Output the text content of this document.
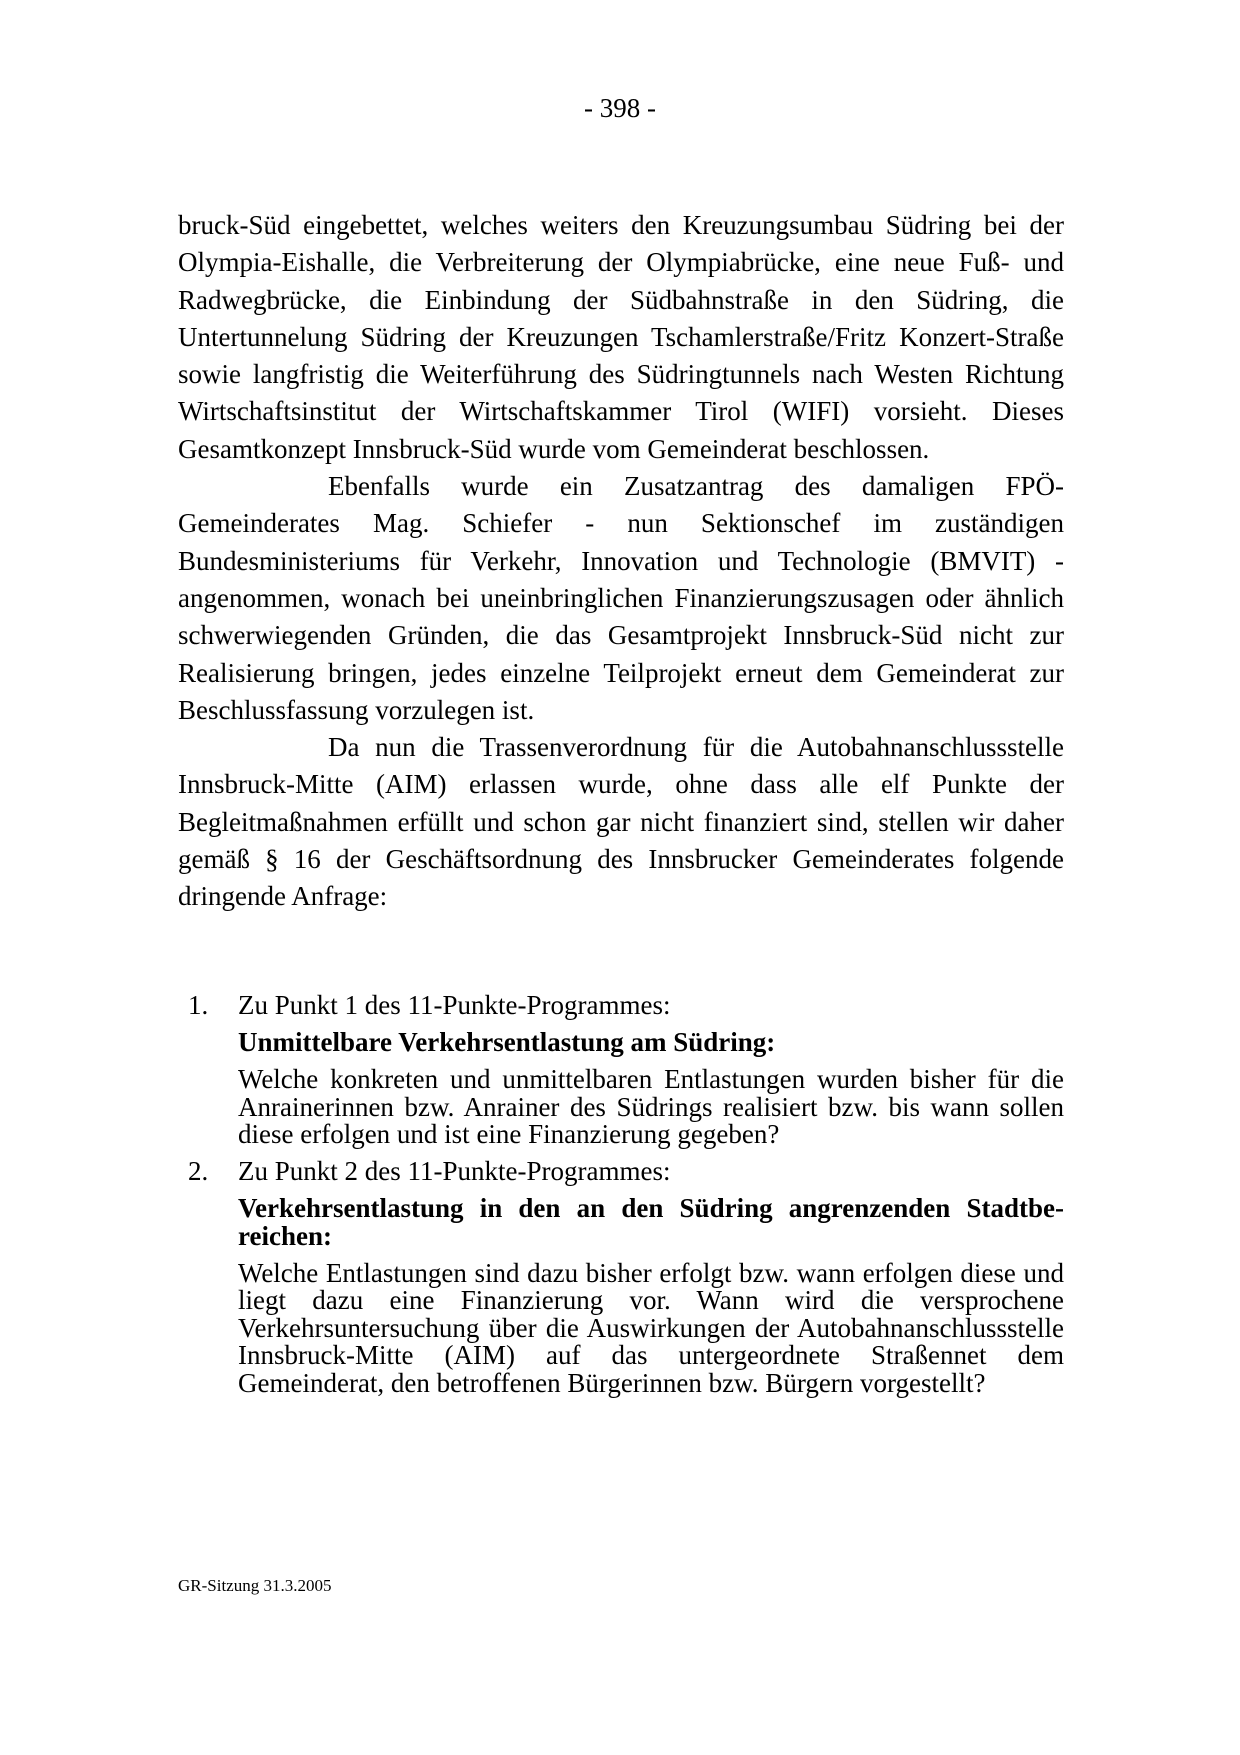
- 398 -

bruck-Süd eingebettet, welches weiters den Kreuzungsumbau Südring bei der Olympia-Eishalle, die Verbreiterung der Olympiabrücke, eine neue Fuß- und Radwegbrücke, die Einbindung der Südbahnstraße in den Südring, die Untertunnelung Südring der Kreuzungen Tschamlerstraße/Fritz Konzert-Straße sowie langfristig die Weiterführung des Südringtunnels nach Westen Richtung Wirtschaftsinstitut der Wirtschaftskammer Tirol (WIFI) vorsieht. Dieses Gesamtkonzept Innsbruck-Süd wurde vom Gemeinderat beschlossen.

Ebenfalls wurde ein Zusatzantrag des damaligen FPÖ-Gemeinderates Mag. Schiefer - nun Sektionschef im zuständigen Bundesministeriums für Verkehr, Innovation und Technologie (BMVIT) - angenommen, wonach bei uneinbringlichen Finanzierungszusagen oder ähnlich schwerwiegenden Gründen, die das Gesamtprojekt Innsbruck-Süd nicht zur Realisierung bringen, jedes einzelne Teilprojekt erneut dem Gemeinderat zur Beschlussfassung vorzulegen ist.

Da nun die Trassenverordnung für die Autobahnanschlussstelle Innsbruck-Mitte (AIM) erlassen wurde, ohne dass alle elf Punkte der Begleitmaßnahmen erfüllt und schon gar nicht finanziert sind, stellen wir daher gemäß § 16 der Geschäftsordnung des Innsbrucker Gemeinderates folgende dringende Anfrage:

1. Zu Punkt 1 des 11-Punkte-Programmes:

Unmittelbare Verkehrsentlastung am Südring:

Welche konkreten und unmittelbaren Entlastungen wurden bisher für die Anrainerinnen bzw. Anrainer des Südrings realisiert bzw. bis wann sollen diese erfolgen und ist eine Finanzierung gegeben?

2. Zu Punkt 2 des 11-Punkte-Programmes:

Verkehrsentlastung in den an den Südring angrenzenden Stadtbereichen:

Welche Entlastungen sind dazu bisher erfolgt bzw. wann erfolgen diese und liegt dazu eine Finanzierung vor. Wann wird die versprochene Verkehrsuntersuchung über die Auswirkungen der Autobahnanschlussstelle Innsbruck-Mitte (AIM) auf das untergeordnete Straßennet dem Gemeinderat, den betroffenen Bürgerinnen bzw. Bürgern vorgestellt?

GR-Sitzung 31.3.2005
